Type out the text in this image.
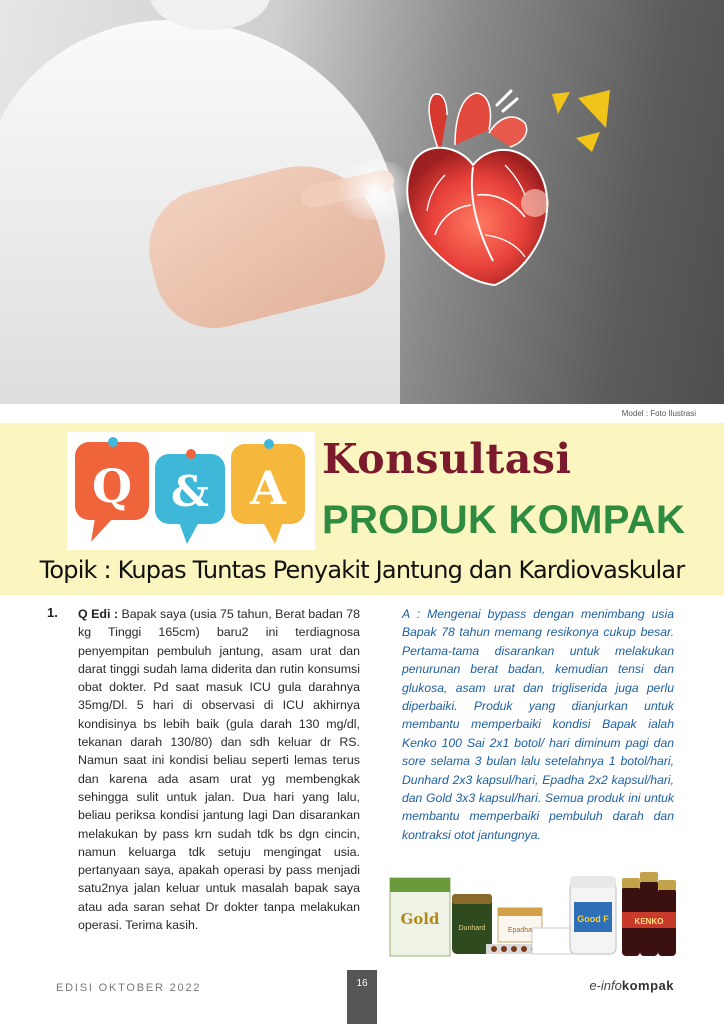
Model : Foto Ilustrasi
Q & A
Konsultasi
PRODUK KOMPAK
Topik : Kupas Tuntas Penyakit Jantung dan Kardiovaskular
1. Q Edi : Bapak saya (usia 75 tahun, Berat badan 78 kg Tinggi 165cm) baru2 ini terdiagnosa penyempitan pembuluh jantung, asam urat dan darat tinggi sudah lama diderita dan rutin konsumsi obat dokter. Pd saat masuk ICU gula darahnya 35mg/Dl. 5 hari di observasi di ICU akhirnya kondisinya bs lebih baik (gula darah 130 mg/dl, tekanan darah 130/80) dan sdh keluar dr RS. Namun saat ini kondisi beliau seperti lemas terus dan karena ada asam urat yg membengkak sehingga sulit untuk jalan. Dua hari yang lalu, beliau periksa kondisi jantung lagi Dan disarankan melakukan by pass krn sudah tdk bs dgn cincin, namun keluarga tdk setuju mengingat usia. pertanyaan saya, apakah operasi by pass menjadi satu2nya jalan keluar untuk masalah bapak saya atau ada saran sehat Dr dokter tanpa melakukan operasi. Terima kasih.

A : Mengenai bypass dengan menimbang usia Bapak 78 tahun memang resikonya cukup besar. Pertama-tama disarankan untuk melakukan penurunan berat badan, kemudian tensi dan glukosa, asam urat dan trigliserida juga perlu diperbaiki. Produk yang dianjurkan untuk membantu memperbaiki kondisi Bapak ialah Kenko 100 Sai 2x1 botol/ hari diminum pagi dan sore selama 3 bulan lalu setelahnya 1 botol/hari, Dunhard 2x3 kapsul/hari, Epadha 2x2 kapsul/hari, dan Gold 3x3 kapsul/hari. Semua produk ini untuk membantu memperbaiki pembuluh darah dan kontraksi otot jantungnya.

Gold
Dunhard	Epadha
Good F	KENKO
EDISI OKTOBER 2022	16	e-infokompak
